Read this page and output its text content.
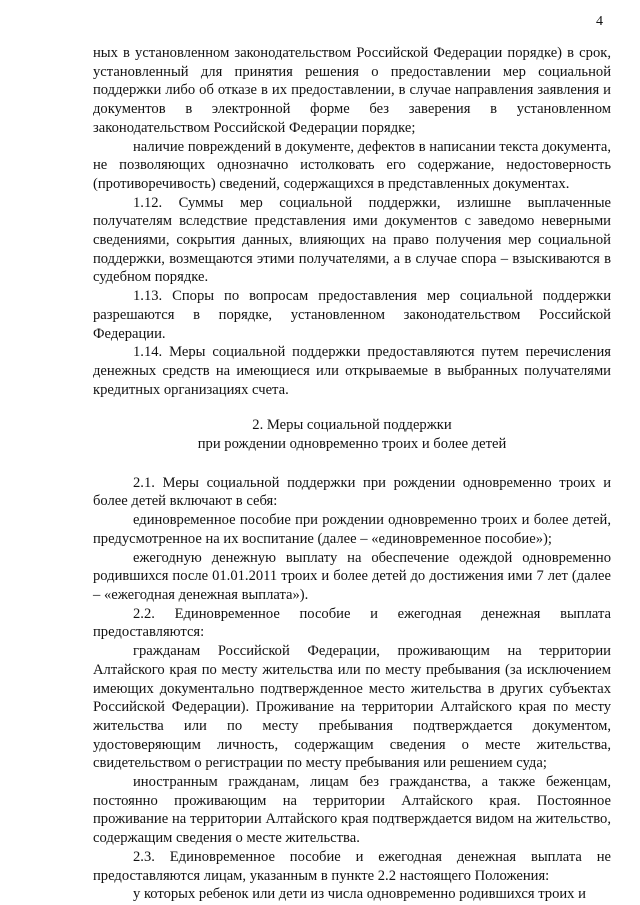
4

ных в установленном законодательством Российской Федерации порядке) в срок, установленный для принятия решения о предоставлении мер социальной поддержки либо об отказе в их предоставлении, в случае направления заявления и документов в электронной форме без заверения в установленном законодательством Российской Федерации порядке;

наличие повреждений в документе, дефектов в написании текста документа, не позволяющих однозначно истолковать его содержание, недостоверность (противоречивость) сведений, содержащихся в представленных документах.

1.12. Суммы мер социальной поддержки, излишне выплаченные получателям вследствие представления ими документов с заведомо неверными сведениями, сокрытия данных, влияющих на право получения мер социальной поддержки, возмещаются этими получателями, а в случае спора – взыскиваются в судебном порядке.

1.13. Споры по вопросам предоставления мер социальной поддержки разрешаются в порядке, установленном законодательством Российской Федерации.

1.14. Меры социальной поддержки предоставляются путем перечисления денежных средств на имеющиеся или открываемые в выбранных получателями кредитных организациях счета.

2. Меры социальной поддержки
при рождении одновременно троих и более детей

2.1. Меры социальной поддержки при рождении одновременно троих и более детей включают в себя:

единовременное пособие при рождении одновременно троих и более детей, предусмотренное на их воспитание (далее – «единовременное пособие»);

ежегодную денежную выплату на обеспечение одеждой одновременно родившихся после 01.01.2011 троих и более детей до достижения ими 7 лет (далее – «ежегодная денежная выплата»).

2.2. Единовременное пособие и ежегодная денежная выплата предоставляются:

гражданам Российской Федерации, проживающим на территории Алтайского края по месту жительства или по месту пребывания (за исключением имеющих документально подтвержденное место жительства в других субъектах Российской Федерации). Проживание на территории Алтайского края по месту жительства или по месту пребывания подтверждается документом, удостоверяющим личность, содержащим сведения о месте жительства, свидетельством о регистрации по месту пребывания или решением суда;

иностранным гражданам, лицам без гражданства, а также беженцам, постоянно проживающим на территории Алтайского края. Постоянное проживание на территории Алтайского края подтверждается видом на жительство, содержащим сведения о месте жительства.

2.3. Единовременное пособие и ежегодная денежная выплата не предоставляются лицам, указанным в пункте 2.2 настоящего Положения:

у которых ребенок или дети из числа одновременно родившихся троих и
